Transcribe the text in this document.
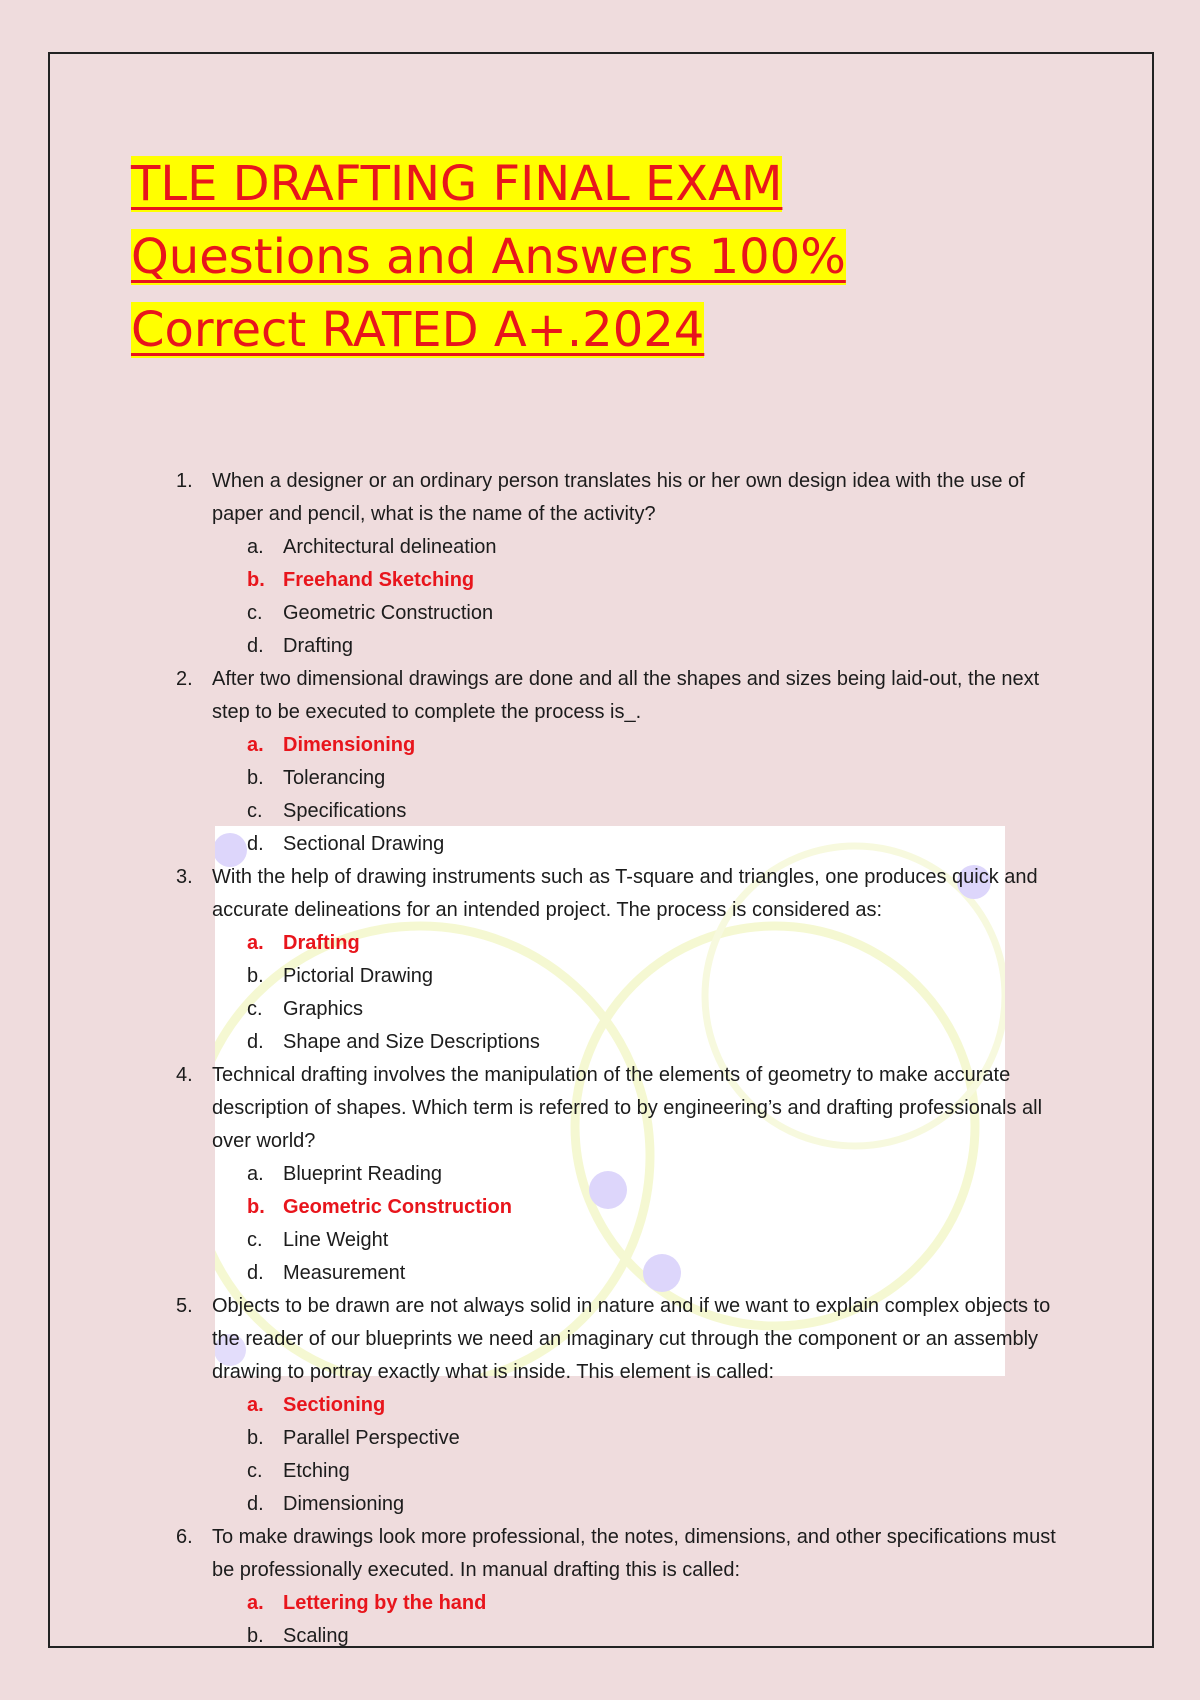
TLE DRAFTING FINAL EXAM Questions and Answers 100% Correct RATED A+.2024
1. When a designer or an ordinary person translates his or her own design idea with the use of paper and pencil, what is the name of the activity?
a. Architectural delineation
b. Freehand Sketching
c. Geometric Construction
d. Drafting
2. After two dimensional drawings are done and all the shapes and sizes being laid-out, the next step to be executed to complete the process is_.
a. Dimensioning
b. Tolerancing
c. Specifications
d. Sectional Drawing
3. With the help of drawing instruments such as T-square and triangles, one produces quick and accurate delineations for an intended project. The process is considered as:
a. Drafting
b. Pictorial Drawing
c. Graphics
d. Shape and Size Descriptions
4. Technical drafting involves the manipulation of the elements of geometry to make accurate description of shapes. Which term is referred to by engineering’s and drafting professionals all over world?
a. Blueprint Reading
b. Geometric Construction
c. Line Weight
d. Measurement
5. Objects to be drawn are not always solid in nature and if we want to explain complex objects to the reader of our blueprints we need an imaginary cut through the component or an assembly drawing to portray exactly what is inside. This element is called:
a. Sectioning
b. Parallel Perspective
c. Etching
d. Dimensioning
6. To make drawings look more professional, the notes, dimensions, and other specifications must be professionally executed. In manual drafting this is called:
a. Lettering by the hand
b. Scaling
